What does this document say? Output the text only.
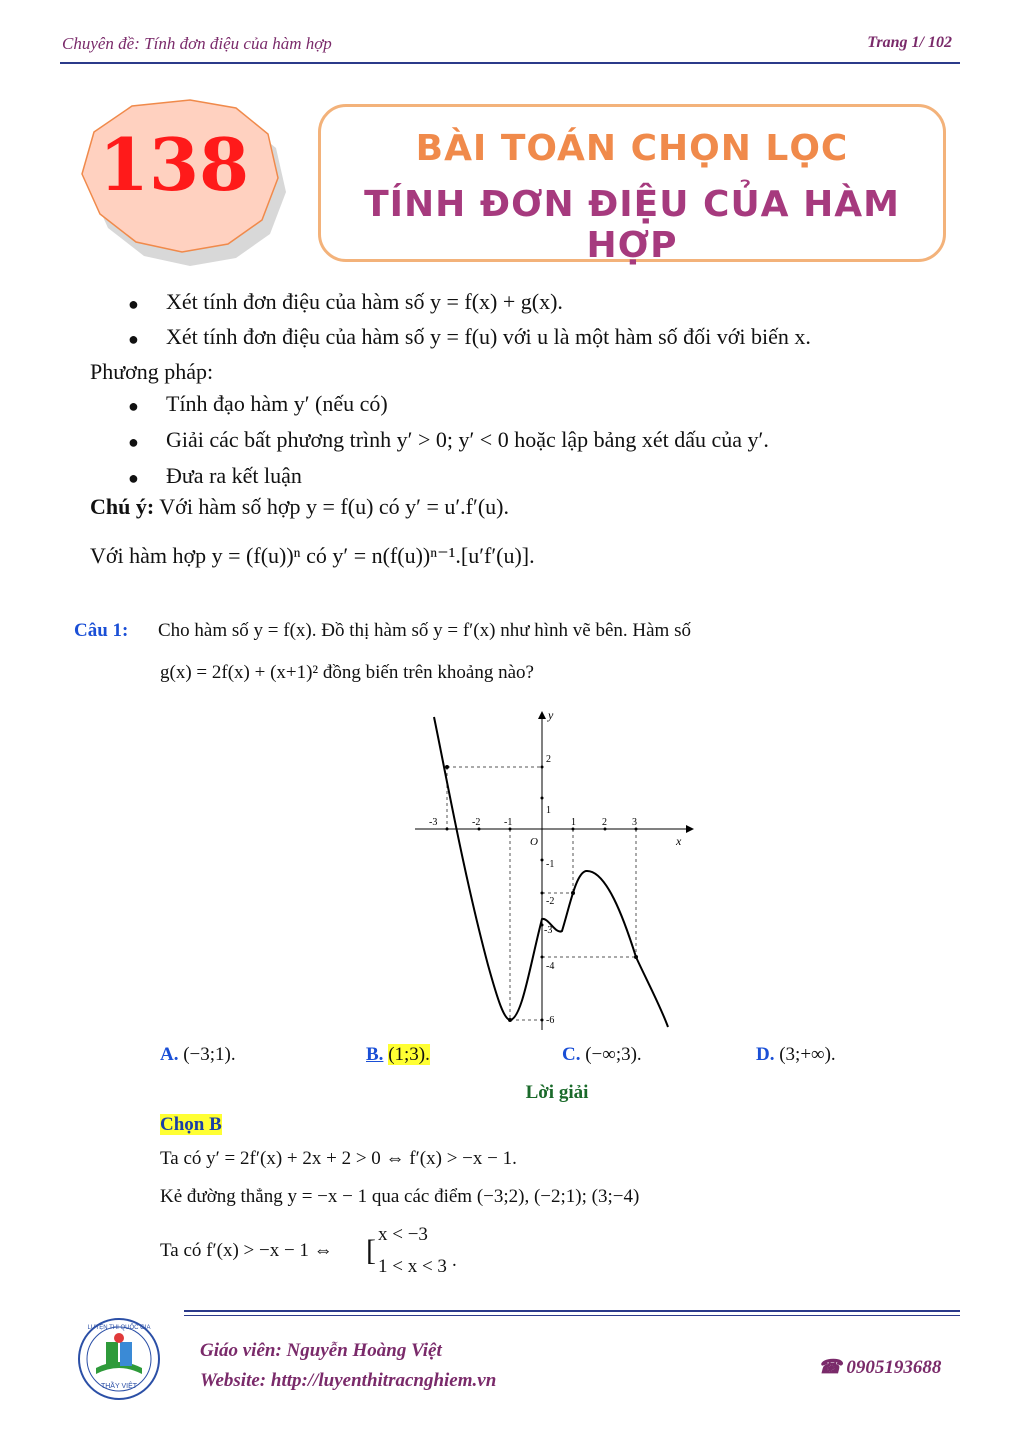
Chuyên đề: Tính đơn điệu của hàm hợp	Trang 1/ 102
138	BÀI TOÁN CHỌN LỌC
TÍNH ĐƠN ĐIỆU CỦA HÀM HỢP
● Xét tính đơn điệu của hàm số y = f(x) + g(x).
● Xét tính đơn điệu của hàm số y = f(u) với u là một hàm số đối với biến x.
Phương pháp:
● Tính đạo hàm y′ (nếu có)
● Giải các bất phương trình y′ > 0; y′ < 0 hoặc lập bảng xét dấu của y′.
● Đưa ra kết luận
Chú ý: Với hàm số hợp y = f(u) có y′ = u′.f′(u).
Với hàm hợp y = (f(u))ⁿ có y′ = n(f(u))ⁿ⁻¹.[u′f′(u)].
Câu 1: Cho hàm số y = f(x). Đồ thị hàm số y = f′(x) như hình vẽ bên. Hàm số
g(x) = 2f(x) + (x+1)² đồng biến trên khoảng nào?
x
y
O
-3	-2 -1	1	2	3
2
1
-1
-2
-3
-4
-6
A. (−3;1).	B. (1;3).	C. (−∞;3).	D. (3;+∞).
Lời giải
Chọn B
Ta có y′ = 2f′(x) + 2x + 2 > 0 ⇔ f′(x) > −x − 1.
Kẻ đường thẳng y = −x − 1 qua các điểm (−3;2), (−2;1); (3;−4)
Ta có f′(x) > −x − 1 ⇔ [ x < −3
1 < x < 3 .
LUYỆN THI QUỐC GIA
THẦY VIỆT
Giáo viên: Nguyễn Hoàng Việt
Website: http://luyenthitracnghiem.vn
☎ 0905193688
